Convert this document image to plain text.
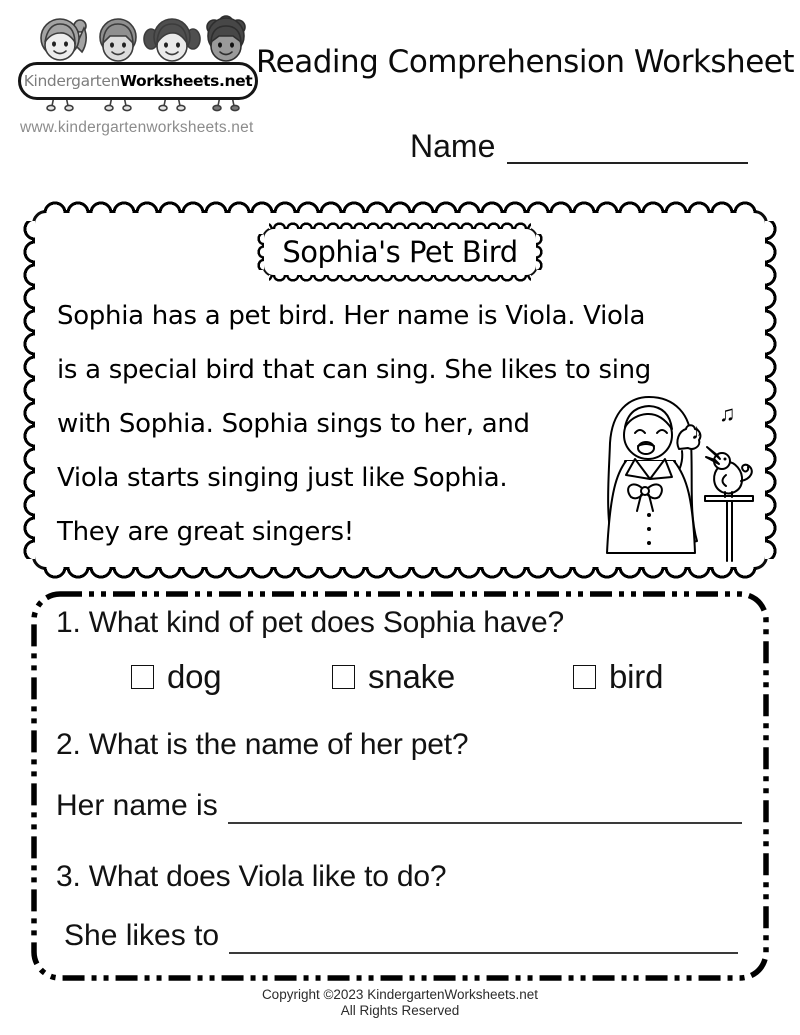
Kindergarten Worksheets.net
www.kindergartenworksheets.net
Reading Comprehension Worksheet
Name
Sophia's Pet Bird
Sophia has a pet bird. Her name is Viola. Viola
is a special bird that can sing. She likes to sing
with Sophia. Sophia sings to her, and
Viola starts singing just like Sophia.
They are great singers!
♪
♫
1. What kind of pet does Sophia have?
dog	snake	bird
2. What is the name of her pet?
Her name is
3. What does Viola like to do?
She likes to
Copyright ©2023 KindergartenWorksheets.net
All Rights Reserved
